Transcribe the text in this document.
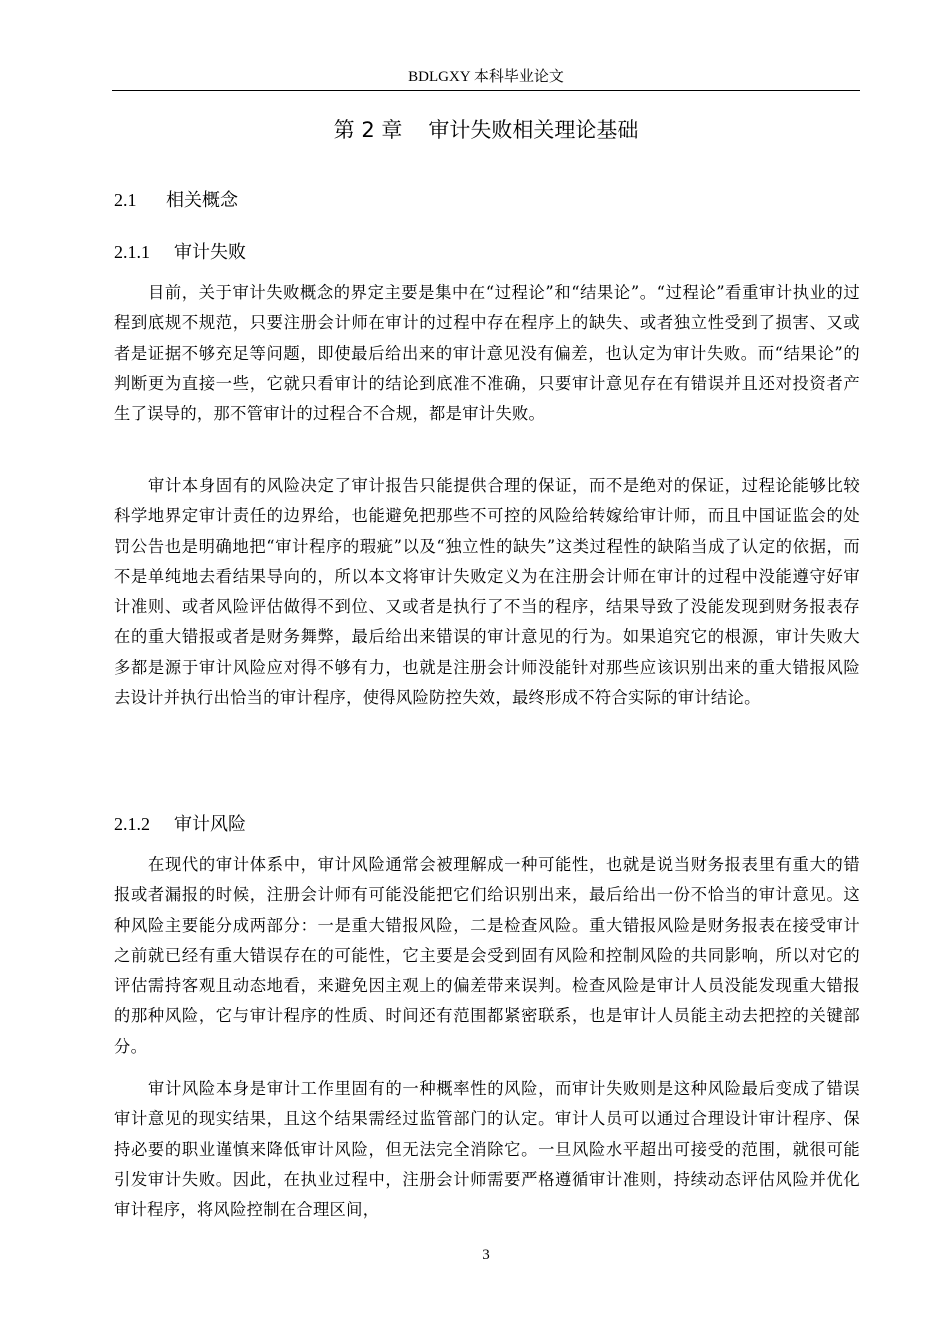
BDLGXY 本科毕业论文
第 2 章 审计失败相关理论基础
2.1 相关概念
2.1.1 审计失败

目前，关于审计失败概念的界定主要是集中在“过程论”和“结果论”。“过程论”看重审计执业的过程到底规不规范，只要注册会计师在审计的过程中存在程序上的缺失、或者独立性受到了损害、又或者是证据不够充足等问题，即使最后给出来的审计意见没有偏差，也认定为审计失败。而“结果论”的判断更为直接一些，它就只看审计的结论到底准不准确，只要审计意见存在有错误并且还对投资者产生了误导的，那不管审计的过程合不合规，都是审计失败。

审计本身固有的风险决定了审计报告只能提供合理的保证，而不是绝对的保证，过程论能够比较科学地界定审计责任的边界给，也能避免把那些不可控的风险给转嫁给审计师，而且中国证监会的处罚公告也是明确地把“审计程序的瑕疵”以及“独立性的缺失”这类过程性的缺陷当成了认定的依据，而不是单纯地去看结果导向的，所以本文将审计失败定义为在注册会计师在审计的过程中没能遵守好审计准则、或者风险评估做得不到位、又或者是执行了不当的程序，结果导致了没能发现到财务报表存在的重大错报或者是财务舞弊，最后给出来错误的审计意见的行为。如果追究它的根源，审计失败大多都是源于审计风险应对得不够有力，也就是注册会计师没能针对那些应该识别出来的重大错报风险去设计并执行出恰当的审计程序，使得风险防控失效，最终形成不符合实际的审计结论。

2.1.2 审计风险

在现代的审计体系中，审计风险通常会被理解成一种可能性，也就是说当财务报表里有重大的错报或者漏报的时候，注册会计师有可能没能把它们给识别出来，最后给出一份不恰当的审计意见。这种风险主要能分成两部分：一是重大错报风险，二是检查风险。重大错报风险是财务报表在接受审计之前就已经有重大错误存在的可能性，它主要是会受到固有风险和控制风险的共同影响，所以对它的评估需持客观且动态地看，来避免因主观上的偏差带来误判。检查风险是审计人员没能发现重大错报的那种风险，它与审计程序的性质、时间还有范围都紧密联系，也是审计人员能主动去把控的关键部分。

审计风险本身是审计工作里固有的一种概率性的风险，而审计失败则是这种风险最后变成了错误审计意见的现实结果，且这个结果需经过监管部门的认定。审计人员可以通过合理设计审计程序、保持必要的职业谨慎来降低审计风险，但无法完全消除它。一旦风险水平超出可接受的范围，就很可能引发审计失败。因此，在执业过程中，注册会计师需要严格遵循审计准则，持续动态评估风险并优化审计程序，将风险控制在合理区间，

3
